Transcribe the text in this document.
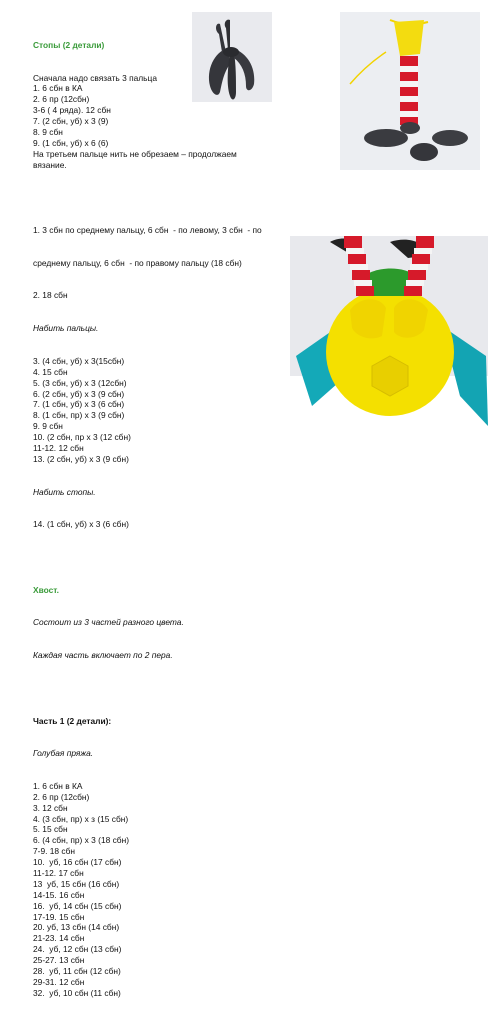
Стопы (2 детали)

Сначала надо связать 3 пальца
1. 6 сбн в КА
2. 6 пр (12сбн)
3-6 ( 4 ряда). 12 сбн
7. (2 сбн, уб) х 3 (9)
8. 9 сбн
9. (1 сбн, уб) х 6 (6)
На третьем пальце нить не обрезаем – продолжаем
вязание.

1. 3 сбн по среднему пальцу, 6 сбн  - по левому, 3 сбн  - по

среднему пальцу, 6 сбн  - по правому пальцу (18 сбн)

2. 18 сбн

Набить пальцы.

3. (4 сбн, уб) х 3(15сбн)
4. 15 сбн
5. (3 сбн, уб) х 3 (12сбн)
6. (2 сбн, уб) х 3 (9 сбн)
7. (1 сбн, уб) х 3 (6 сбн)
8. (1 сбн, пр) х 3 (9 сбн)
9. 9 сбн
10. (2 сбн, пр х 3 (12 сбн)
11-12. 12 сбн
13. (2 сбн, уб) х 3 (9 сбн)

Набить стопы.

14. (1 сбн, уб) х 3 (6 сбн)

Хвост.

Состоит из 3 частей разного цвета.

Каждая часть включает по 2 пера.

Часть 1 (2 детали):

Голубая пряжа.

1. 6 сбн в КА
2. 6 пр (12сбн)
3. 12 сбн
4. (3 сбн, пр) х з (15 сбн)
5. 15 сбн
6. (4 сбн, пр) х 3 (18 сбн)
7-9. 18 сбн
10.  уб, 16 сбн (17 сбн)
11-12. 17 сбн
13  уб, 15 сбн (16 сбн)
14-15. 16 сбн
16.  уб, 14 сбн (15 сбн)
17-19. 15 сбн
20. уб, 13 сбн (14 сбн)
21-23. 14 сбн
24.  уб, 12 сбн (13 сбн)
25-27. 13 сбн
28.  уб, 11 сбн (12 сбн)
29-31. 12 сбн
32.  уб, 10 сбн (11 сбн)
